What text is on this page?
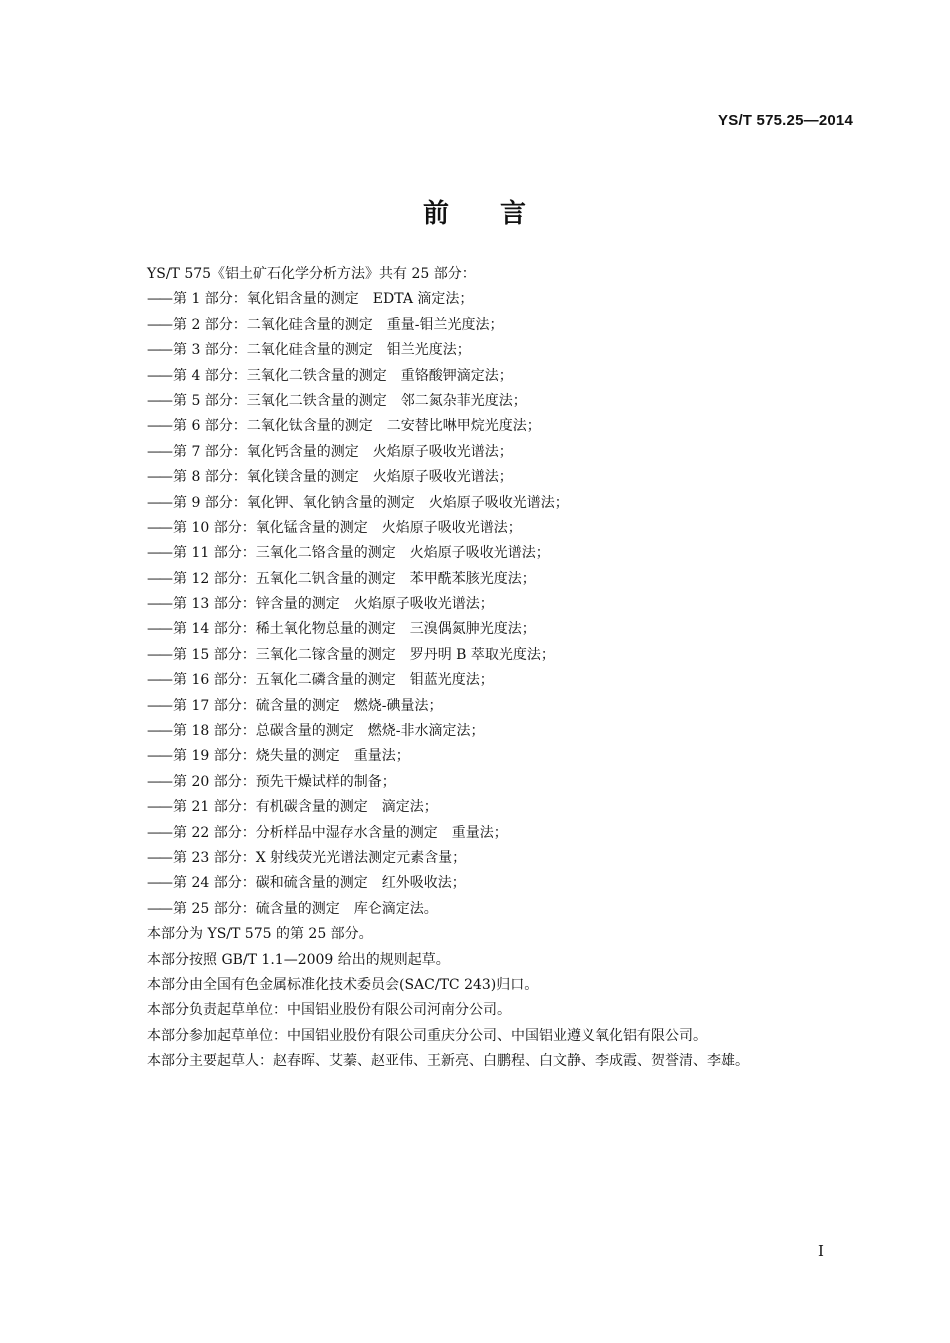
YS/T 575.25—2014
前 言
YS/T 575《铝土矿石化学分析方法》共有 25 部分：
—— 第 1 部分：氧化铝含量的测定　EDTA 滴定法；
—— 第 2 部分：二氧化硅含量的测定　重量-钼兰光度法；
—— 第 3 部分：二氧化硅含量的测定　钼兰光度法；
—— 第 4 部分：三氧化二铁含量的测定　重铬酸钾滴定法；
—— 第 5 部分：三氧化二铁含量的测定　邻二氮杂菲光度法；
—— 第 6 部分：二氧化钛含量的测定　二安替比啉甲烷光度法；
—— 第 7 部分：氧化钙含量的测定　火焰原子吸收光谱法；
—— 第 8 部分：氧化镁含量的测定　火焰原子吸收光谱法；
—— 第 9 部分：氧化钾、氧化钠含量的测定　火焰原子吸收光谱法；
—— 第 10 部分：氧化锰含量的测定　火焰原子吸收光谱法；
—— 第 11 部分：三氧化二铬含量的测定　火焰原子吸收光谱法；
—— 第 12 部分：五氧化二钒含量的测定　苯甲酰苯胲光度法；
—— 第 13 部分：锌含量的测定　火焰原子吸收光谱法；
—— 第 14 部分：稀土氧化物总量的测定　三溴偶氮胂光度法；
—— 第 15 部分：三氧化二镓含量的测定　罗丹明 B 萃取光度法；
—— 第 16 部分：五氧化二磷含量的测定　钼蓝光度法；
—— 第 17 部分：硫含量的测定　燃烧-碘量法；
—— 第 18 部分：总碳含量的测定　燃烧-非水滴定法；
—— 第 19 部分：烧失量的测定　重量法；
—— 第 20 部分：预先干燥试样的制备；
—— 第 21 部分：有机碳含量的测定　滴定法；
—— 第 22 部分：分析样品中湿存水含量的测定　重量法；
—— 第 23 部分：X 射线荧光光谱法测定元素含量；
—— 第 24 部分：碳和硫含量的测定　红外吸收法；
—— 第 25 部分：硫含量的测定　库仑滴定法。
本部分为 YS/T 575 的第 25 部分。
本部分按照 GB/T 1.1—2009 给出的规则起草。
本部分由全国有色金属标准化技术委员会(SAC/TC 243)归口。
本部分负责起草单位：中国铝业股份有限公司河南分公司。
本部分参加起草单位：中国铝业股份有限公司重庆分公司、中国铝业遵义氧化铝有限公司。
本部分主要起草人：赵春晖、艾蓁、赵亚伟、王新亮、白鹏程、白文静、李成霞、贺誉清、李雄。
I
